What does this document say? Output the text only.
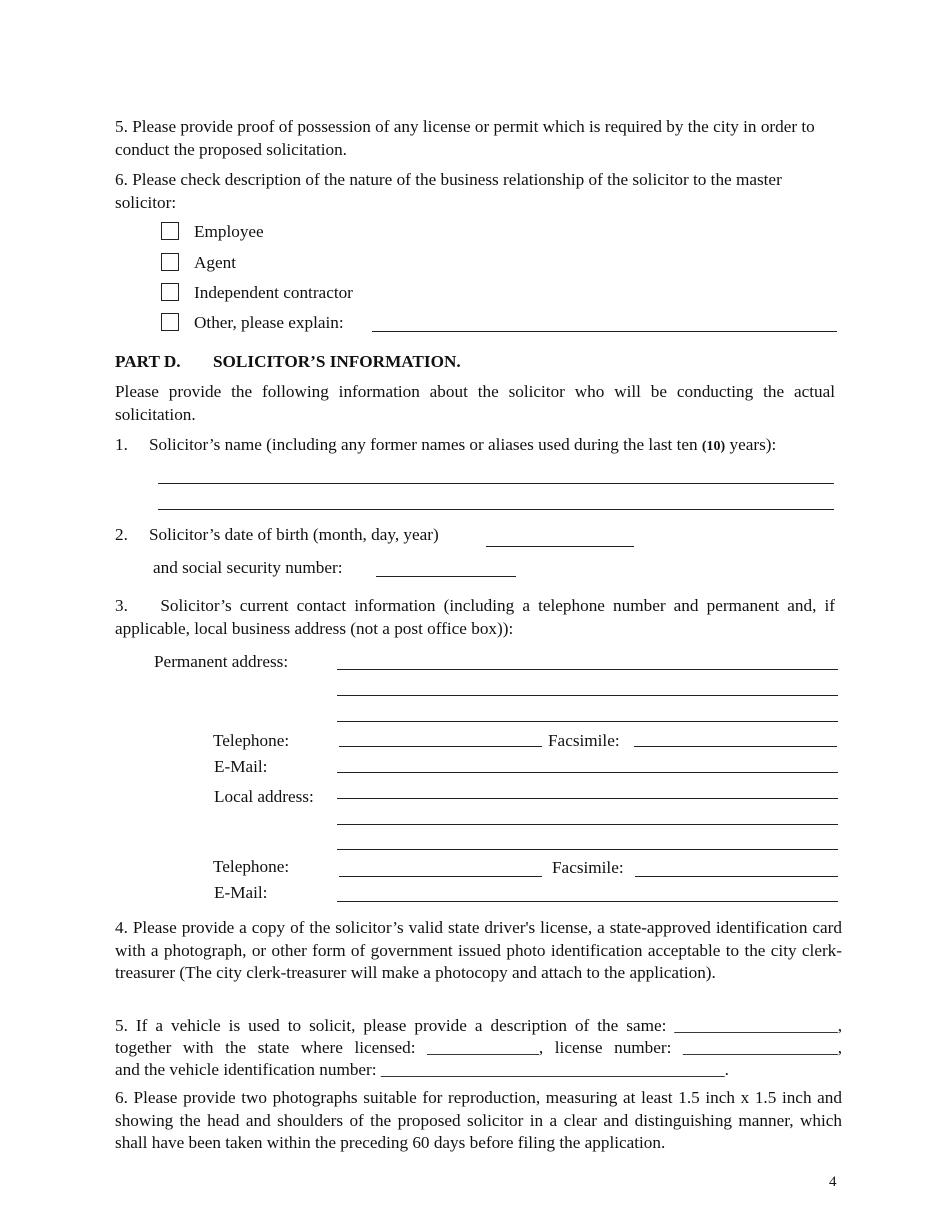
5. Please provide proof of possession of any license or permit which is required by the city in order to conduct the proposed solicitation.
6. Please check description of the nature of the business relationship of the solicitor to the master solicitor:
Employee
Agent
Independent contractor
Other, please explain:
PART D. SOLICITOR’S INFORMATION.
Please provide the following information about the solicitor who will be conducting the actual solicitation.
1. Solicitor’s name (including any former names or aliases used during the last ten (10) years):
2. Solicitor’s date of birth (month, day, year)
and social security number:
3. Solicitor’s current contact information (including a telephone number and permanent and, if applicable, local business address (not a post office box)):
Permanent address:
Telephone:	Facsimile:
E-Mail:
Local address:
Telephone:	Facsimile:
E-Mail:
4. Please provide a copy of the solicitor’s valid state driver's license, a state-approved identification card with a photograph, or other form of government issued photo identification acceptable to the city clerk-treasurer (The city clerk-treasurer will make a photocopy and attach to the application).
5. If a vehicle is used to solicit, please provide a description of the same: ___________________,
together with the state where licensed: _____________, license number: __________________,
and the vehicle identification number: ________________________________________.
6. Please provide two photographs suitable for reproduction, measuring at least 1.5 inch x 1.5 inch and showing the head and shoulders of the proposed solicitor in a clear and distinguishing manner, which shall have been taken within the preceding 60 days before filing the application.
4
